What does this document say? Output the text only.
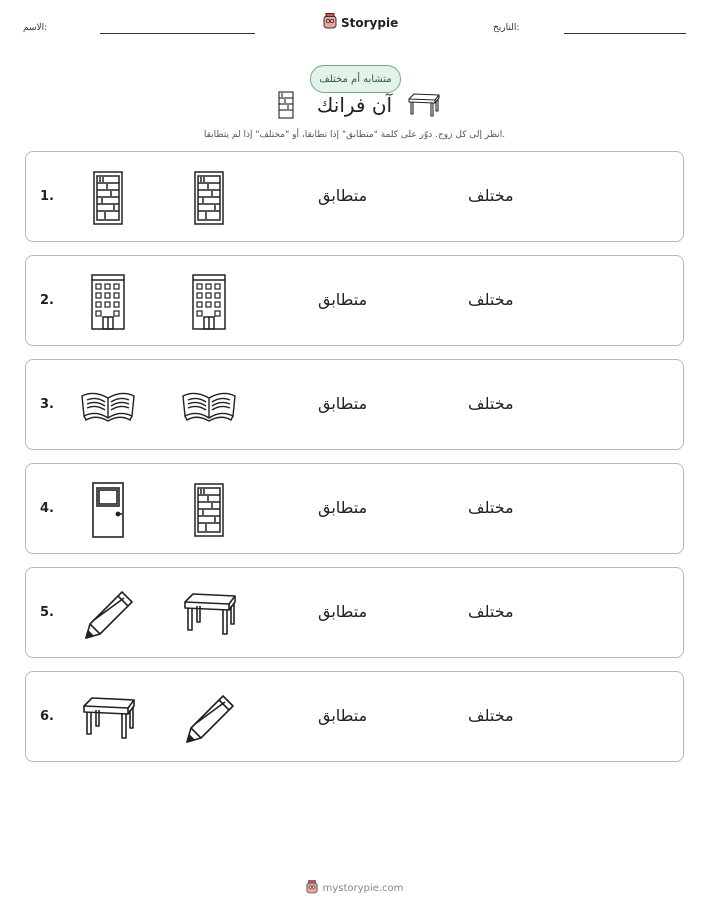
الاسم:	Storypie	التاريخ:
متشابه أم مختلف
آن فرانك
انظر إلى كل زوج. دوّر على كلمة "متطابق" إذا تطابقا، أو "مختلف" إذا لم يتطابقا.
1.	متطابق	مختلف
2.	متطابق	مختلف
3.	متطابق	مختلف
4.	متطابق	مختلف
5.	متطابق	مختلف
6.	متطابق	مختلف
mystorypie.com
